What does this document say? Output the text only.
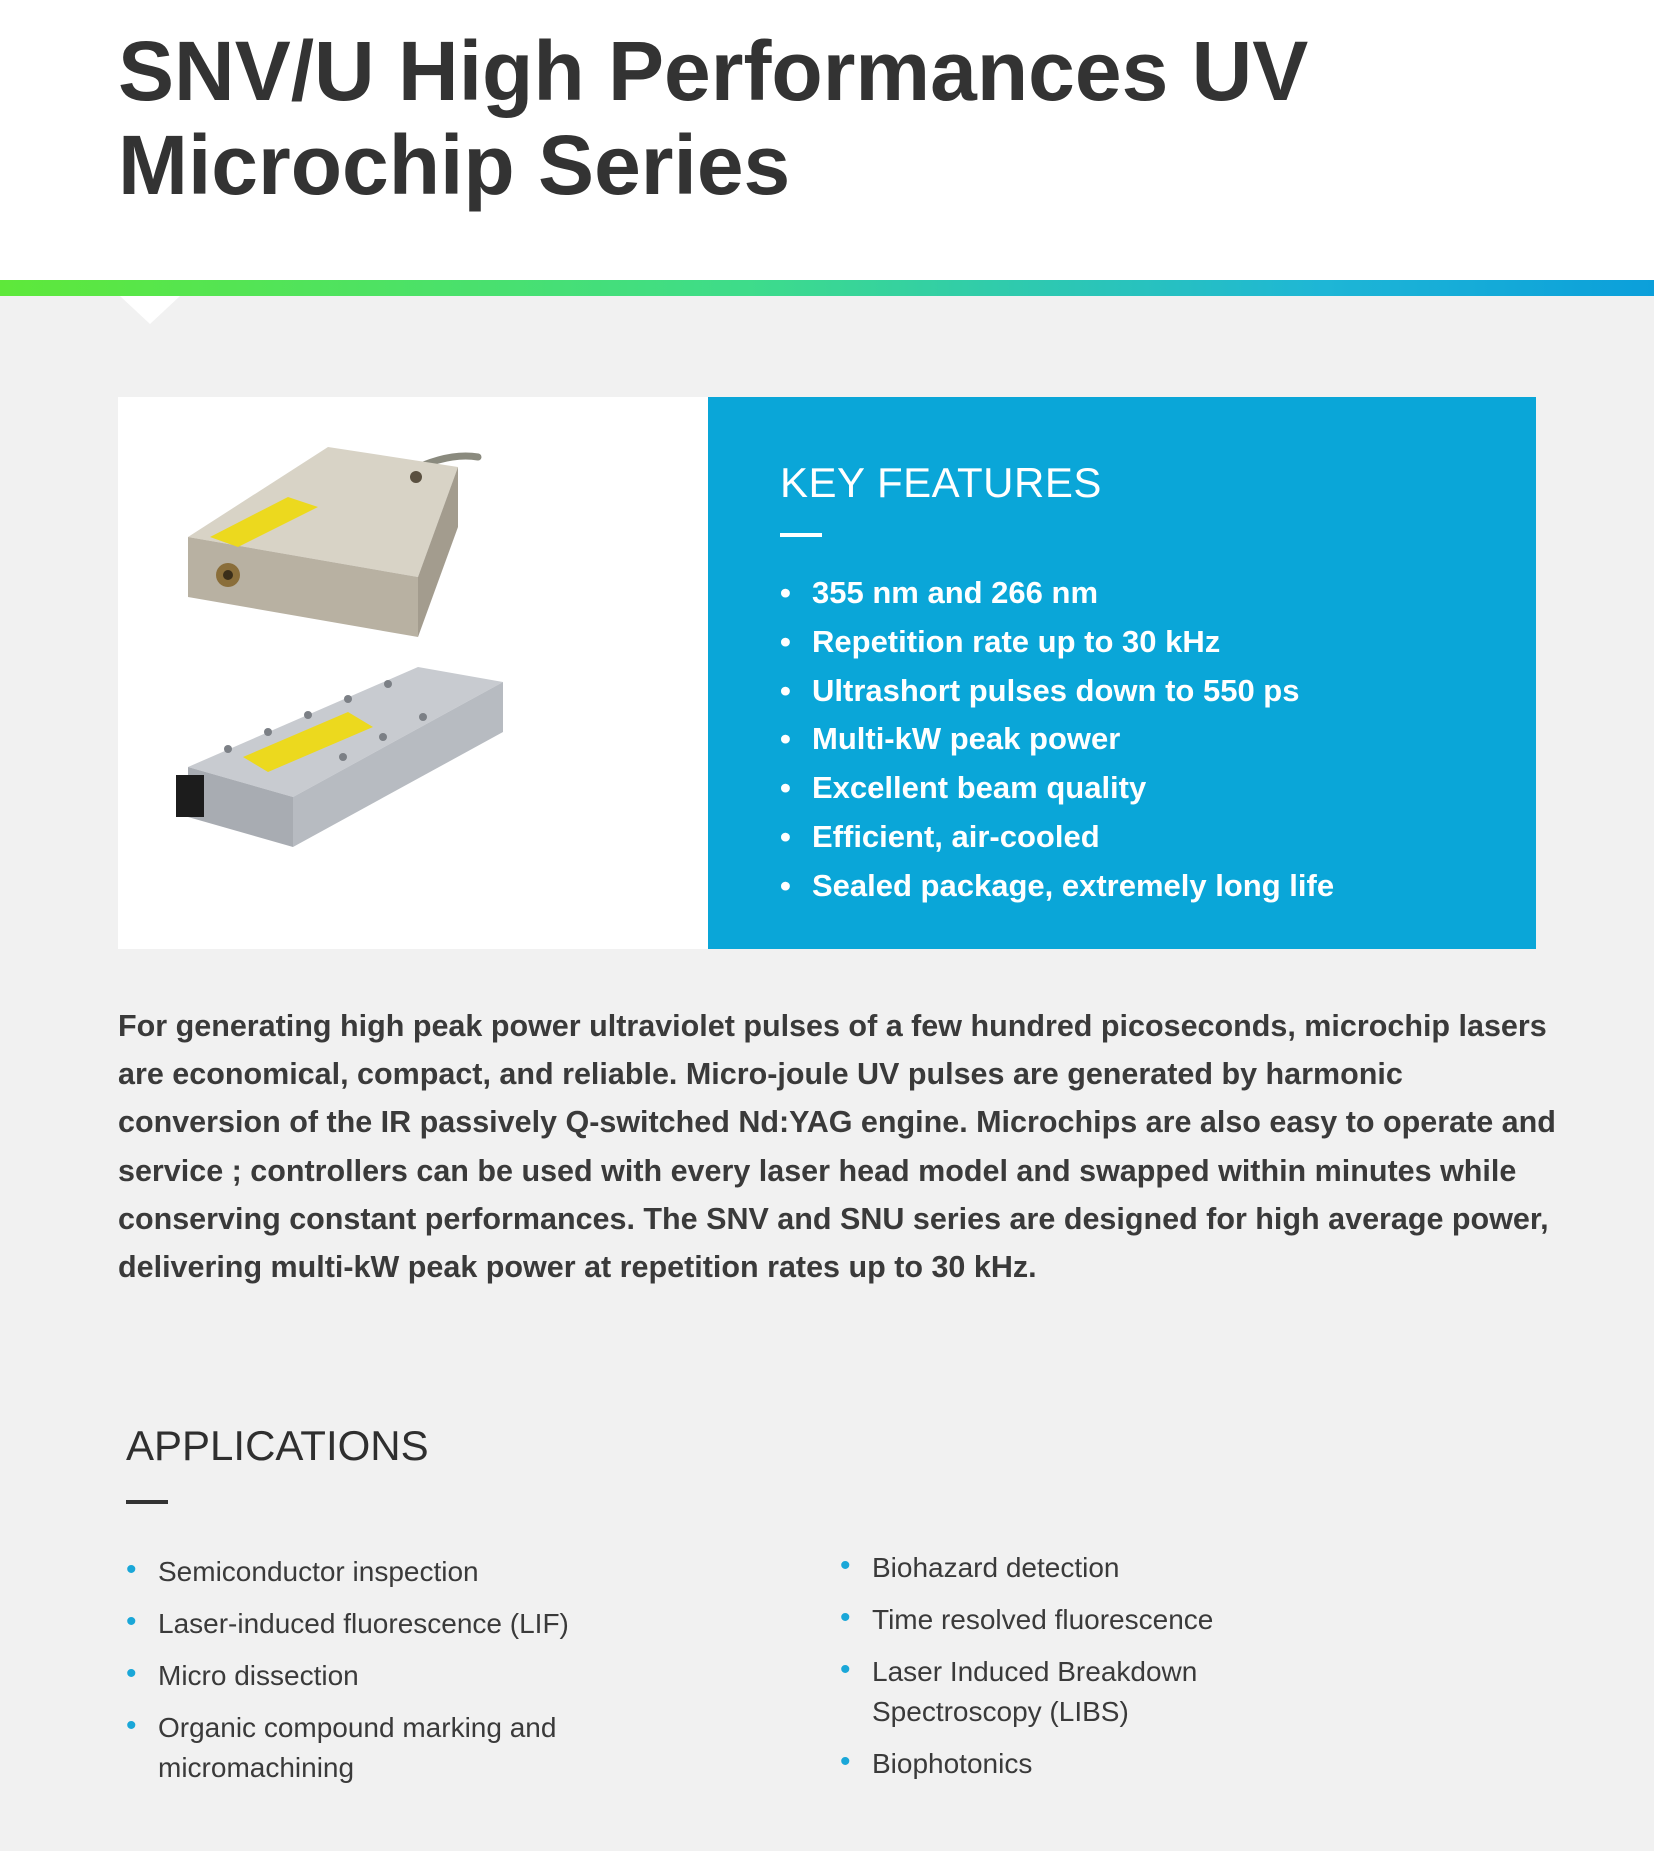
SNV/U High Performances UV
Microchip Series
KEY FEATURES
• 355 nm and 266 nm
• Repetition rate up to 30 kHz
• Ultrashort pulses down to 550 ps
• Multi-kW peak power
• Excellent beam quality
• Efficient, air-cooled
• Sealed package, extremely long life

For generating high peak power ultraviolet pulses of a few hundred picoseconds, microchip lasers are economical, compact, and reliable. Micro-joule UV pulses are generated by harmonic conversion of the IR passively Q-switched Nd:YAG engine. Microchips are also easy to operate and service ; controllers can be used with every laser head model and swapped within minutes while conserving constant performances. The SNV and SNU series are designed for high average power, delivering multi-kW peak power at repetition rates up to 30 kHz.

APPLICATIONS
• Semiconductor inspection
• Laser-induced fluorescence (LIF)
• Micro dissection
• Organic compound marking and micromachining
• Biohazard detection
• Time resolved fluorescence
• Laser Induced Breakdown Spectroscopy (LIBS)
• Biophotonics
